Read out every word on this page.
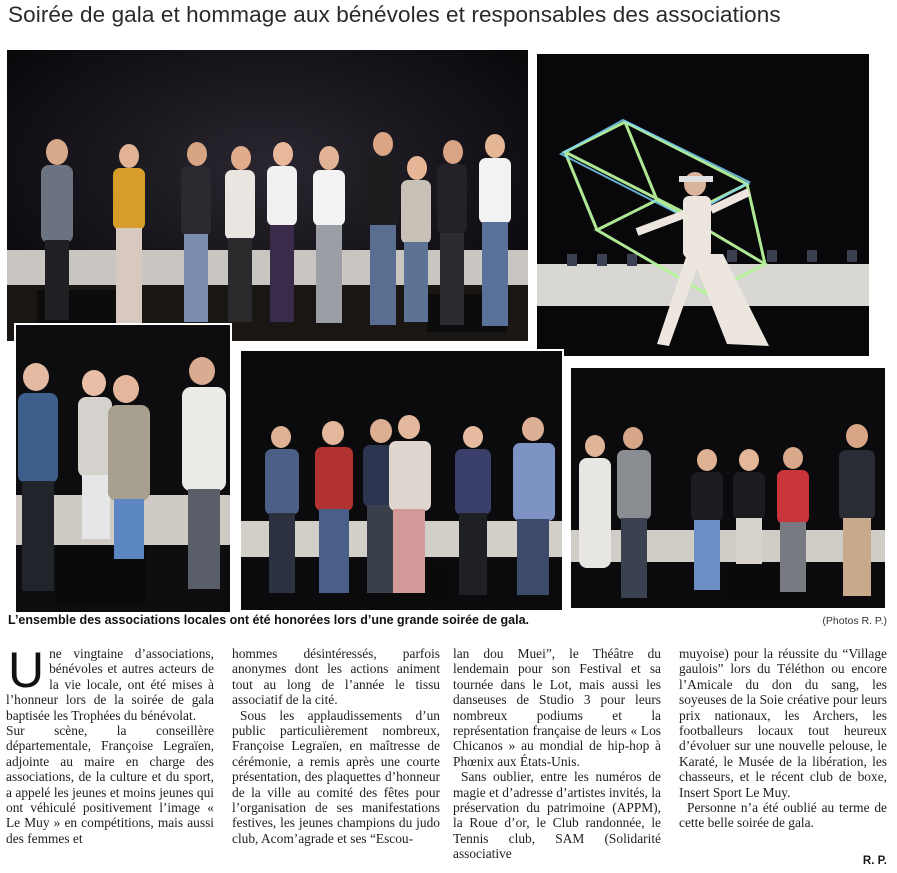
Soirée de gala et hommage aux bénévoles et responsables des associations
L’ensemble des associations locales ont été honorées lors d’une grande soirée de gala.	(Photos R. P.)
U ne vingtaine d’associations, bénévoles et autres acteurs de la vie locale, ont été mises à l’honneur lors de la soirée de gala baptisée les Trophées du bénévolat.

Sur scène, la conseillère départementale, Françoise Legraïen, adjointe au maire en charge des associations, de la culture et du sport, a appelé les jeunes et moins jeunes qui ont véhiculé positivement l’image « Le Muy » en compétitions, mais aussi des femmes et

hommes désintéressés, parfois anonymes dont les actions animent tout au long de l’année le tissu associatif de la cité.

Sous les applaudissements d’un public particulièrement nombreux, Françoise Legraïen, en maîtresse de cérémonie, a remis après une courte présentation, des plaquettes d’honneur de la ville au comité des fêtes pour l’organisation de ses manifestations festives, les jeunes champions du judo club, Acom’agrade et ses “Escou-

lan dou Muei”, le Théâtre du lendemain pour son Festival et sa tournée dans le Lot, mais aussi les danseuses de Studio 3 pour leurs nombreux podiums et la représentation française de leurs « Los Chicanos » au mondial de hip-hop à Phœnix aux États-Unis.

Sans oublier, entre les numéros de magie et d’adresse d’artistes invités, la préservation du patrimoine (APPM), la Roue d’or, le Club randonnée, le Tennis club, SAM (Solidarité associative

muyoise) pour la réussite du “Village gaulois” lors du Téléthon ou encore l’Amicale du don du sang, les soyeuses de la Soie créative pour leurs prix nationaux, les Archers, les footballeurs locaux tout heureux d’évoluer sur une nouvelle pelouse, le Karaté, le Musée de la libération, les chasseurs, et le récent club de boxe, Insert Sport Le Muy.

Personne n’a été oublié au terme de cette belle soirée de gala.

R. P.
